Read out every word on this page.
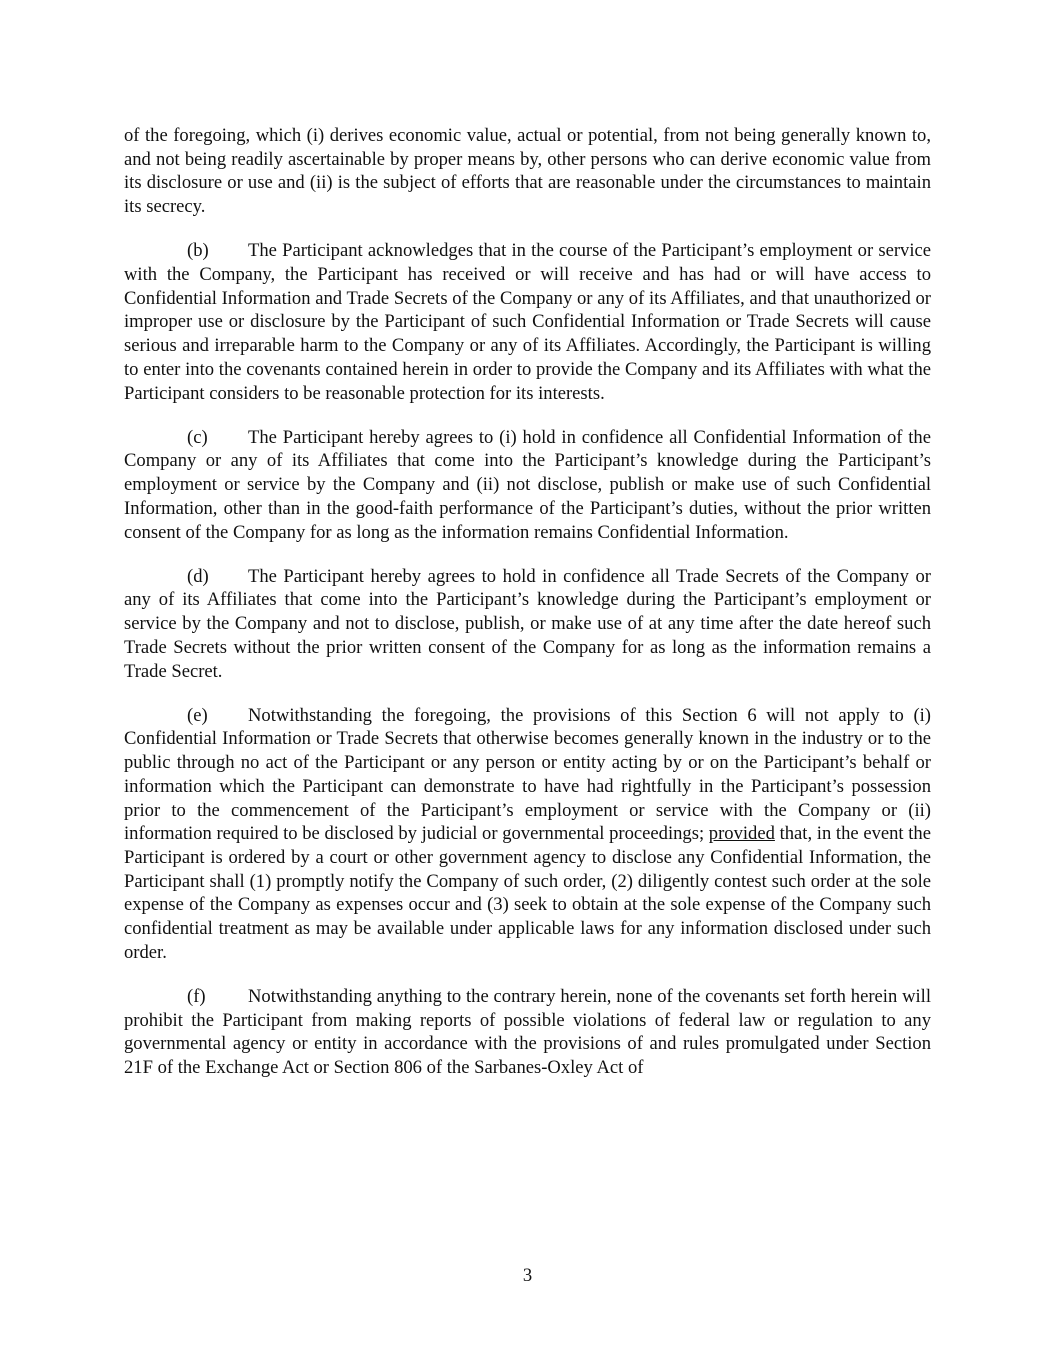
of the foregoing, which (i) derives economic value, actual or potential, from not being generally known to, and not being readily ascertainable by proper means by, other persons who can derive economic value from its disclosure or use and (ii) is the subject of efforts that are reasonable under the circumstances to maintain its secrecy.

(b) The Participant acknowledges that in the course of the Participant’s employment or service with the Company, the Participant has received or will receive and has had or will have access to Confidential Information and Trade Secrets of the Company or any of its Affiliates, and that unauthorized or improper use or disclosure by the Participant of such Confidential Information or Trade Secrets will cause serious and irreparable harm to the Company or any of its Affiliates. Accordingly, the Participant is willing to enter into the covenants contained herein in order to provide the Company and its Affiliates with what the Participant considers to be reasonable protection for its interests.

(c) The Participant hereby agrees to (i) hold in confidence all Confidential Information of the Company or any of its Affiliates that come into the Participant’s knowledge during the Participant’s employment or service by the Company and (ii) not disclose, publish or make use of such Confidential Information, other than in the good-faith performance of the Participant’s duties, without the prior written consent of the Company for as long as the information remains Confidential Information.

(d) The Participant hereby agrees to hold in confidence all Trade Secrets of the Company or any of its Affiliates that come into the Participant’s knowledge during the Participant’s employment or service by the Company and not to disclose, publish, or make use of at any time after the date hereof such Trade Secrets without the prior written consent of the Company for as long as the information remains a Trade Secret.

(e) Notwithstanding the foregoing, the provisions of this Section 6 will not apply to (i) Confidential Information or Trade Secrets that otherwise becomes generally known in the industry or to the public through no act of the Participant or any person or entity acting by or on the Participant’s behalf or information which the Participant can demonstrate to have had rightfully in the Participant’s possession prior to the commencement of the Participant’s employment or service with the Company or (ii) information required to be disclosed by judicial or governmental proceedings; provided that, in the event the Participant is ordered by a court or other government agency to disclose any Confidential Information, the Participant shall (1) promptly notify the Company of such order, (2) diligently contest such order at the sole expense of the Company as expenses occur and (3) seek to obtain at the sole expense of the Company such confidential treatment as may be available under applicable laws for any information disclosed under such order.

(f) Notwithstanding anything to the contrary herein, none of the covenants set forth herein will prohibit the Participant from making reports of possible violations of federal law or regulation to any governmental agency or entity in accordance with the provisions of and rules promulgated under Section 21F of the Exchange Act or Section 806 of the Sarbanes-Oxley Act of

3
